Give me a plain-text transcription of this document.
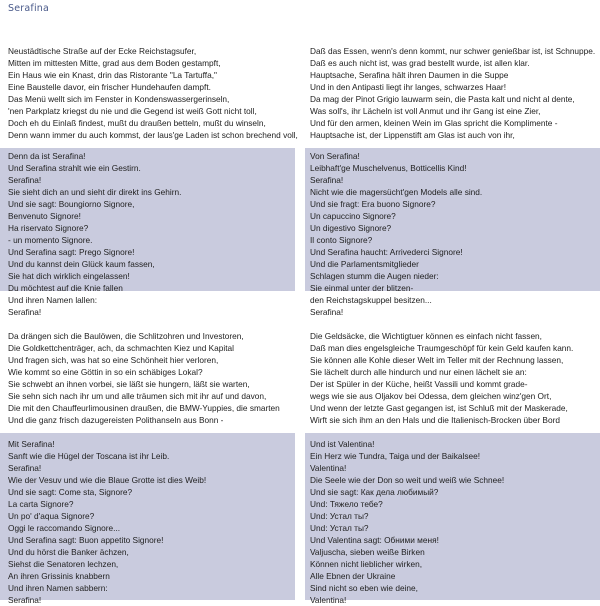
Serafina
Neustädtische Straße auf der Ecke Reichstagsufer,
Mitten im mittesten Mitte, grad aus dem Boden gestampft,
Ein Haus wie ein Knast, drin das Ristorante "La Tartuffa,"
Eine Baustelle davor, ein frischer Hundehaufen dampft.
Das Menü wellt sich im Fenster in Kondenswassergerinseln,
'nen Parkplatz kriegst du nie und die Gegend ist weiß Gott nicht toll,
Doch eh du Einlaß findest, mußt du draußen betteln, mußt du winseln,
Denn wann immer du auch kommst, der laus'ge Laden ist schon brechend voll,
Daß das Essen, wenn's denn kommt, nur schwer genießbar ist, ist Schnuppe.
Daß es auch nicht ist, was grad bestellt wurde, ist allen klar.
Hauptsache, Serafina hält ihren Daumen in die Suppe
Und in den Antipasti liegt ihr langes, schwarzes Haar!
Da mag der Pinot Grigio lauwarm sein, die Pasta kalt und nicht al dente,
Was soll's, ihr Lächeln ist voll Anmut und ihr Gang ist eine Zier,
Und für den armen, kleinen Wein im Glas spricht die Komplimente -
Hauptsache ist, der Lippenstift am Glas ist auch von ihr,
Denn da ist Serafina!
Und Serafina strahlt wie ein Gestirn.
Serafina!
Sie sieht dich an und sieht dir direkt ins Gehirn.
Und sie sagt: Boungiorno Signore,
Benvenuto Signore!
Ha riservato Signore?
- un momento Signore.
Und Serafina sagt: Prego Signore!
Und du kannst dein Glück kaum fassen,
Sie hat dich wirklich eingelassen!
Du möchtest auf die Knie fallen
Und ihren Namen lallen:
Serafina!
Da drängen sich die Baulöwen, die Schlitzohren und Investoren,
Die Goldkettchenträger, ach, da schmachten Kiez und Kapital
Und fragen sich, was hat so eine Schönheit hier verloren,
Wie kommt so eine Göttin in so ein schäbiges Lokal?
Sie schwebt an ihnen vorbei, sie läßt sie hungern, läßt sie warten,
Sie sehn sich nach ihr um und alle träumen sich mit ihr auf und davon,
Die mit den Chauffeurlimousinen draußen, die BMW-Yuppies, die smarten
Und die ganz frisch dazugereisten Polithanseln aus Bonn -
Mit Serafina!
Sanft wie die Hügel der Toscana ist ihr Leib.
Serafina!
Wie der Vesuv und wie die Blaue Grotte ist dies Weib!
Und sie sagt: Come sta, Signore?
La carta Signore?
Un po' d'aqua Signore?
Oggi le raccomando Signore...
Und Serafina sagt: Buon appetito Signore!
Und du hörst die Banker ächzen,
Siehst die Senatoren lechzen,
An ihren Grissinis knabbern
Und ihren Namen sabbern:
Serafina!
Von Serafina!
Leibhaft'ge Muschelvenus, Botticellis Kind!
Serafina!
Nicht wie die magersücht'gen Models alle sind.
Und sie fragt: Era buono Signore?
Un capuccino Signore?
Un digestivo Signore?
Il conto Signore?
Und Serafina haucht: Arrivederci Signore!
Und die Parlamentsmitglieder
Schlagen stumm die Augen nieder:
Sie einmal unter der blitzen-
den Reichstagskuppel besitzen...
Serafina!
Die Geldsäcke, die Wichtigtuer können es einfach nicht fassen,
Daß man dies engelsgleiche Traumgeschöpf für kein Geld kaufen kann.
Sie können alle Kohle dieser Welt im Teller mit der Rechnung lassen,
Sie lächelt durch alle hindurch und nur einen lächelt sie an:
Der ist Spüler in der Küche, heißt Vassili und kommt grade-
wegs wie sie aus Oljakov bei Odessa, dem gleichen winz'gen Ort,
Und wenn der letzte Gast gegangen ist, ist Schluß mit der Maskerade,
Wirft sie sich ihm an den Hals und die Italienisch-Brocken über Bord
Und ist Valentina!
Ein Herz wie Tundra, Taiga und der Baikalsee!
Valentina!
Die Seele wie der Don so weit und weiß wie Schnee!
Und sie sagt: Как дела любимый?
Und: Тяжело тебе?
Und: Устал ты?
Und: Устал ты?
Und Valentina sagt: Обними меня!
Valjuscha, sieben weiße Birken
Können nicht lieblicher wirken,
Alle Ebnen der Ukraine
Sind nicht so eben wie deine,
Valentina!
